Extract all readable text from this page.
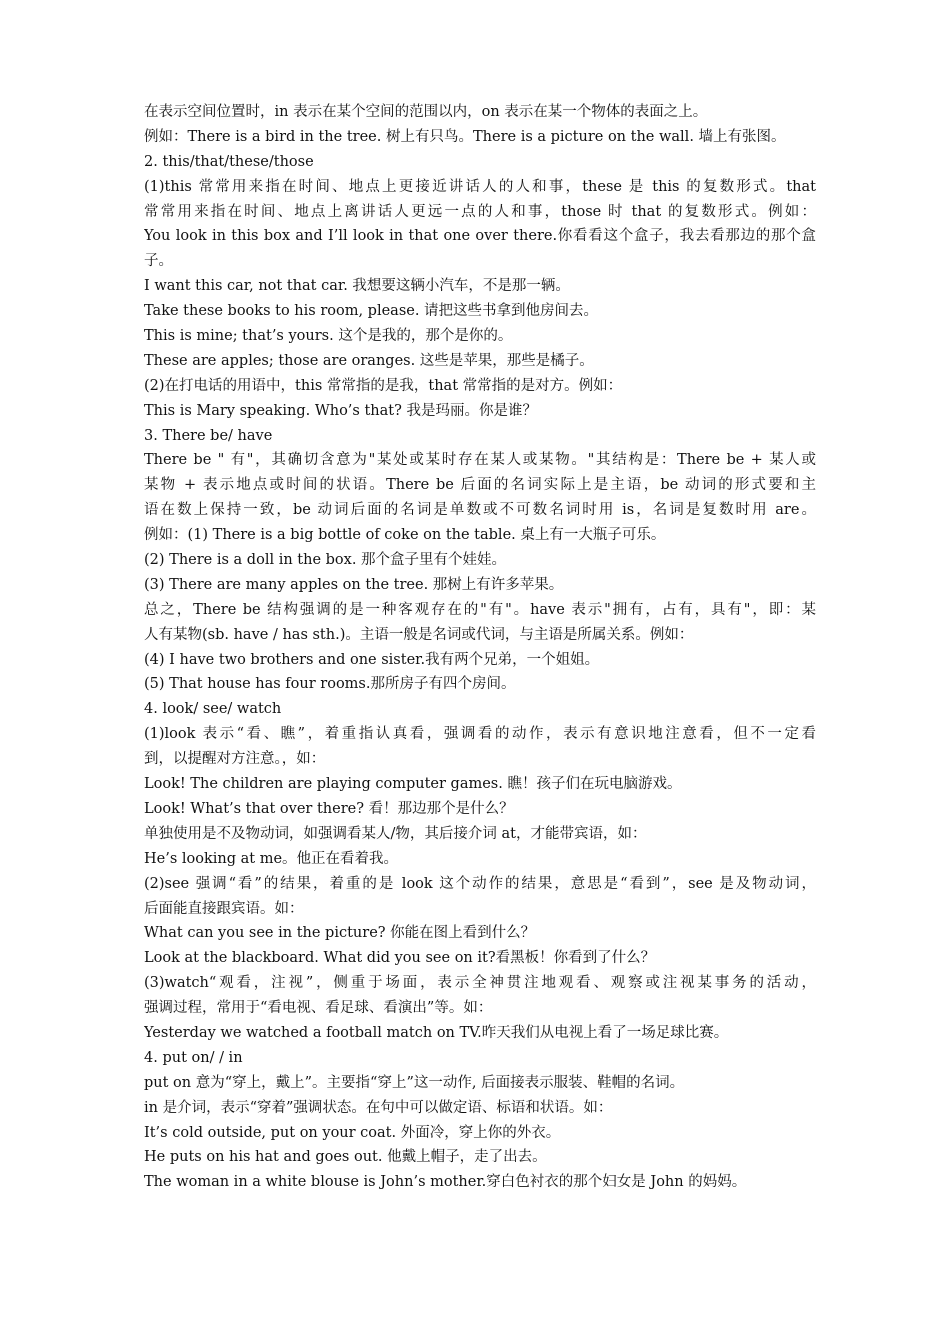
在表示空间位置时，in 表示在某个空间的范围以内，on 表示在某一个物体的表面之上。
例如：There is a bird in the tree. 树上有只鸟。There is a picture on the wall. 墙上有张图。
2. this/that/these/those
(1)this 常常用来指在时间、地点上更接近讲话人的人和事，these 是 this 的复数形式。that
常常用来指在时间、地点上离讲话人更远一点的人和事，those 时 that 的复数形式。例如：
You look in this box and I’ll look in that one over there.你看看这个盒子，我去看那边的那个盒
子。
I want this car, not that car. 我想要这辆小汽车，不是那一辆。
Take these books to his room, please. 请把这些书拿到他房间去。
This is mine; that’s yours. 这个是我的，那个是你的。
These are apples; those are oranges. 这些是苹果，那些是橘子。
(2)在打电话的用语中，this 常常指的是我，that 常常指的是对方。例如：
This is Mary speaking. Who’s that? 我是玛丽。你是谁？
3. There be/ have
There be " 有"，其确切含意为"某处或某时存在某人或某物。"其结构是：There be + 某人或
某物 + 表示地点或时间的状语。There be 后面的名词实际上是主语，be 动词的形式要和主
语在数上保持一致，be 动词后面的名词是单数或不可数名词时用 is，名词是复数时用 are。
例如：(1) There is a big bottle of coke on the table. 桌上有一大瓶子可乐。
(2) There is a doll in the box. 那个盒子里有个娃娃。
(3) There are many apples on the tree. 那树上有许多苹果。
总之，There be 结构强调的是一种客观存在的"有"。have 表示"拥有，占有，具有"，即：某
人有某物(sb. have / has sth.)。主语一般是名词或代词，与主语是所属关系。例如：
(4) I have two brothers and one sister.我有两个兄弟，一个姐姐。
(5) That house has four rooms.那所房子有四个房间。
4. look/ see/ watch
(1)look 表示“看、瞧”，着重指认真看，强调看的动作，表示有意识地注意看，但不一定看
到，以提醒对方注意。，如：
Look! The children are playing computer games. 瞧！孩子们在玩电脑游戏。
Look! What’s that over there? 看！那边那个是什么？
单独使用是不及物动词，如强调看某人/物，其后接介词 at，才能带宾语，如：
He’s looking at me。他正在看着我。
(2)see 强调“看”的结果，着重的是 look 这个动作的结果，意思是“看到”，see 是及物动词，
后面能直接跟宾语。如：
What can you see in the picture? 你能在图上看到什么？
Look at the blackboard. What did you see on it?看黑板！你看到了什么？
(3)watch“观看，注视”，侧重于场面，表示全神贯注地观看、观察或注视某事务的活动，
强调过程，常用于“看电视、看足球、看演出”等。如：
Yesterday we watched a football match on TV.昨天我们从电视上看了一场足球比赛。
4. put on/ / in
put on 意为“穿上，戴上”。主要指“穿上”这一动作, 后面接表示服装、鞋帽的名词。
in 是介词，表示“穿着”强调状态。在句中可以做定语、标语和状语。如：
It’s cold outside, put on your coat. 外面冷，穿上你的外衣。
He puts on his hat and goes out. 他戴上帽子，走了出去。
The woman in a white blouse is John’s mother.穿白色衬衣的那个妇女是 John 的妈妈。
